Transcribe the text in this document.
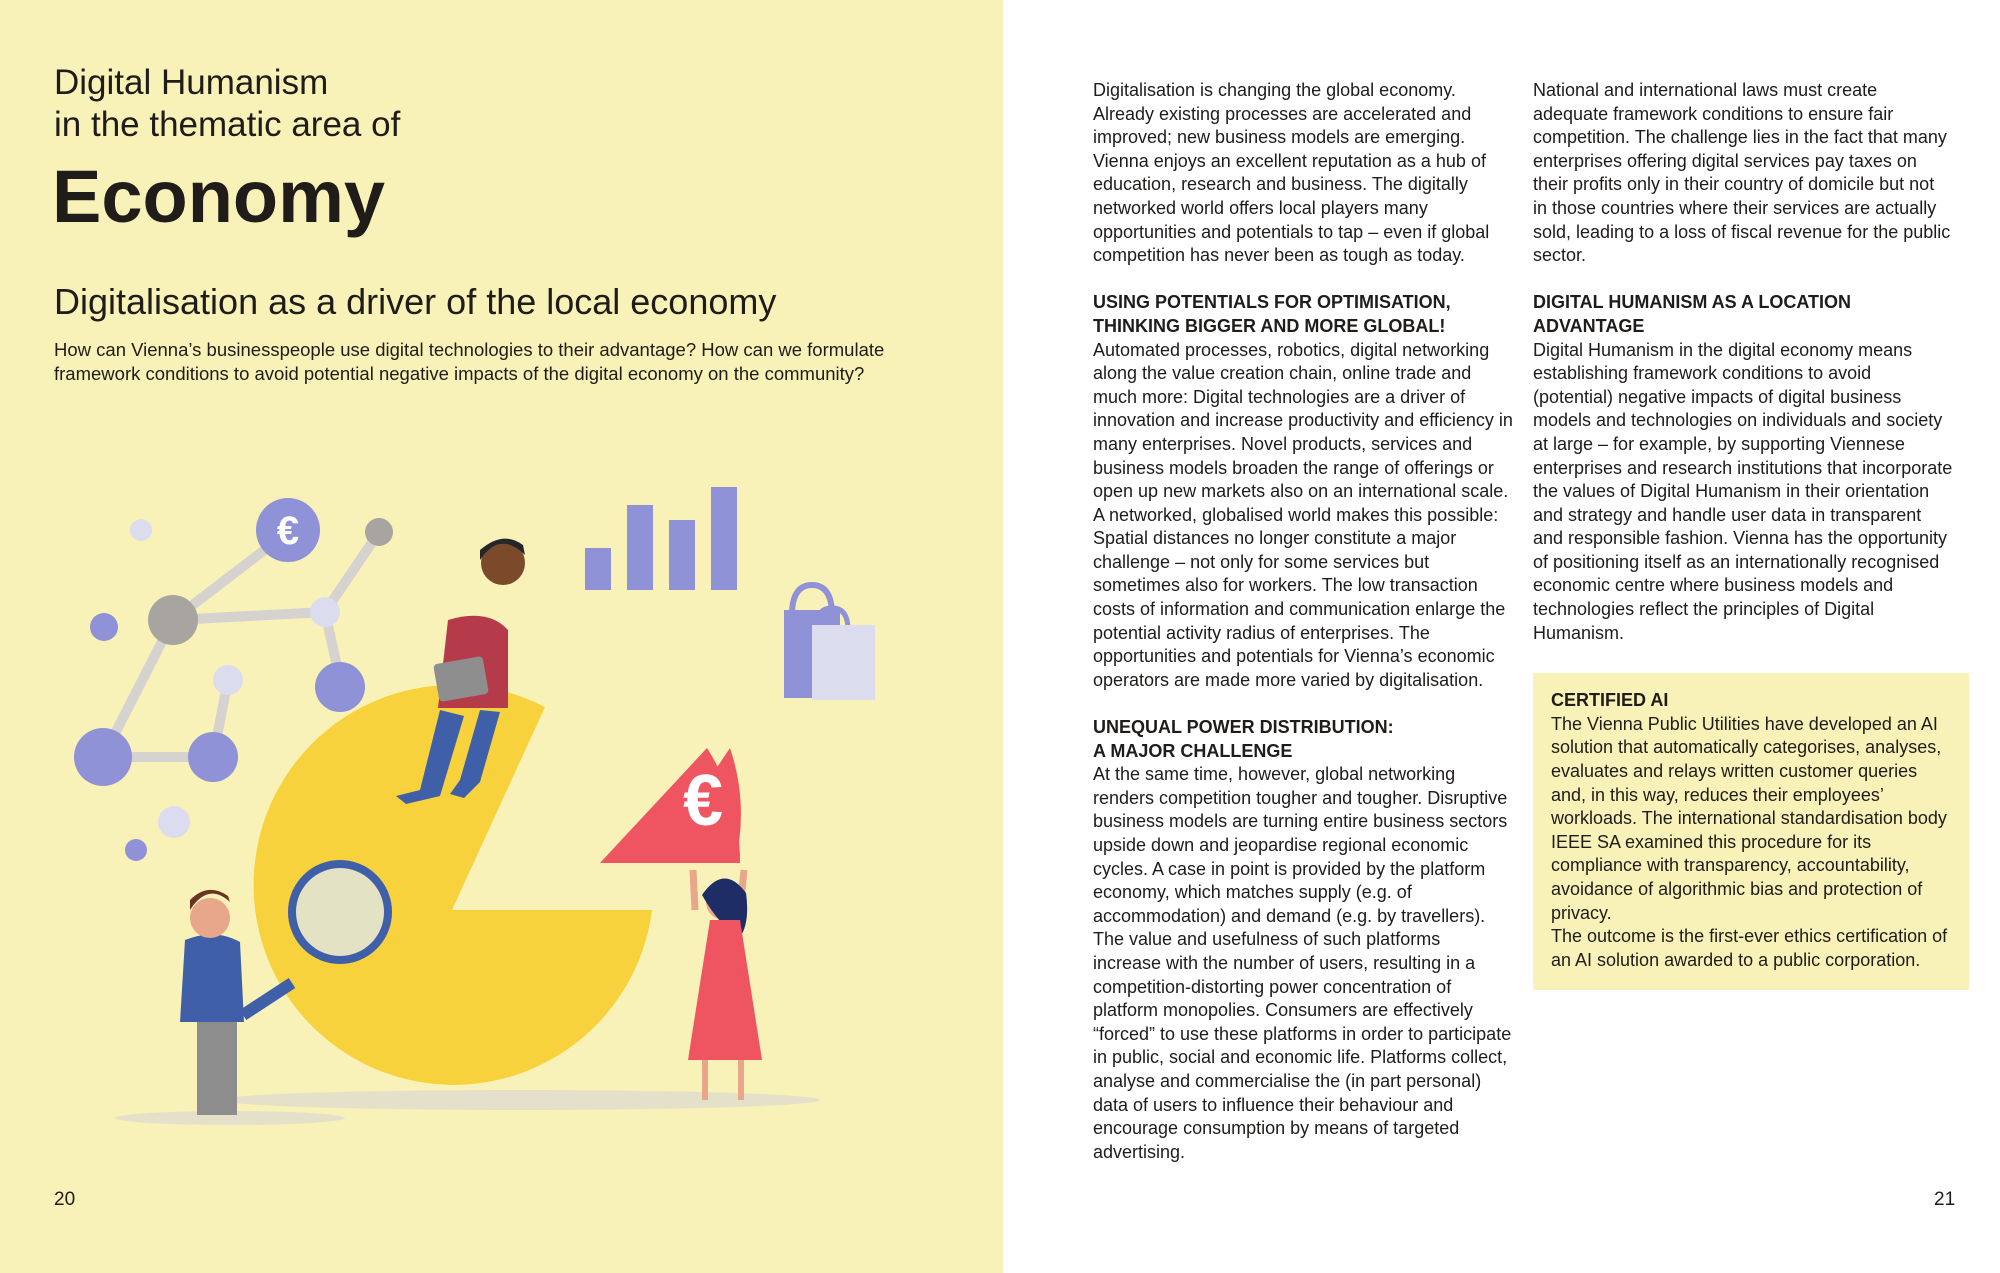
Digital Humanism
in the thematic area of
Economy
Digitalisation as a driver of the local economy

How can Vienna’s businesspeople use digital technologies to their advantage? How can we formulate framework conditions to avoid potential negative impacts of the digital economy on the community?

€
€
20

Digitalisation is changing the global economy. Already existing processes are accelerated and improved; new business models are emerging. Vienna enjoys an excellent reputation as a hub of education, research and business. The digitally networked world offers local players many opportunities and potentials to tap – even if global competition has never been as tough as today.

USING POTENTIALS FOR OPTIMISATION,
THINKING BIGGER AND MORE GLOBAL!

Automated processes, robotics, digital networking along the value creation chain, online trade and much more: Digital technologies are a driver of innovation and increase productivity and efficiency in many enterprises. Novel products, services and business models broaden the range of offerings or open up new markets also on an international scale. A networked, globalised world makes this possible: Spatial distances no longer constitute a major challenge – not only for some services but sometimes also for workers. The low transaction costs of information and communication enlarge the potential activity radius of enterprises. The opportunities and potentials for Vienna’s economic operators are made more varied by digitalisation.

UNEQUAL POWER DISTRIBUTION:
A MAJOR CHALLENGE

At the same time, however, global networking renders competition tougher and tougher. Disruptive business models are turning entire business sectors upside down and jeopardise regional economic cycles. A case in point is provided by the platform economy, which matches supply (e.g. of accommodation) and demand (e.g. by travellers). The value and usefulness of such platforms increase with the number of users, resulting in a competition-distorting power concentration of platform monopolies. Consumers are effectively “forced” to use these platforms in order to participate in public, social and economic life. Platforms collect, analyse and commercialise the (in part personal) data of users to influence their behaviour and encourage consumption by means of targeted advertising.

National and international laws must create adequate framework conditions to ensure fair competition. The challenge lies in the fact that many enterprises offering digital services pay taxes on their profits only in their country of domicile but not in those countries where their services are actually sold, leading to a loss of fiscal revenue for the public sector.

DIGITAL HUMANISM AS A LOCATION
ADVANTAGE

Digital Humanism in the digital economy means establishing framework conditions to avoid (potential) negative impacts of digital business models and technologies on individuals and society at large – for example, by supporting Viennese enterprises and research institutions that incorporate the values of Digital Humanism in their orientation and strategy and handle user data in transparent and responsible fashion. Vienna has the opportunity of positioning itself as an internationally recognised economic centre where business models and technologies reflect the principles of Digital Humanism.

CERTIFIED AI

The Vienna Public Utilities have developed an AI solution that automatically categorises, analyses, evaluates and relays written customer queries and, in this way, reduces their employees’ workloads. The international standardisation body IEEE SA examined this procedure for its compliance with transparency, accountability, avoidance of algorithmic bias and protection of privacy.

The outcome is the first-ever ethics certification of an AI solution awarded to a public corporation.

21
